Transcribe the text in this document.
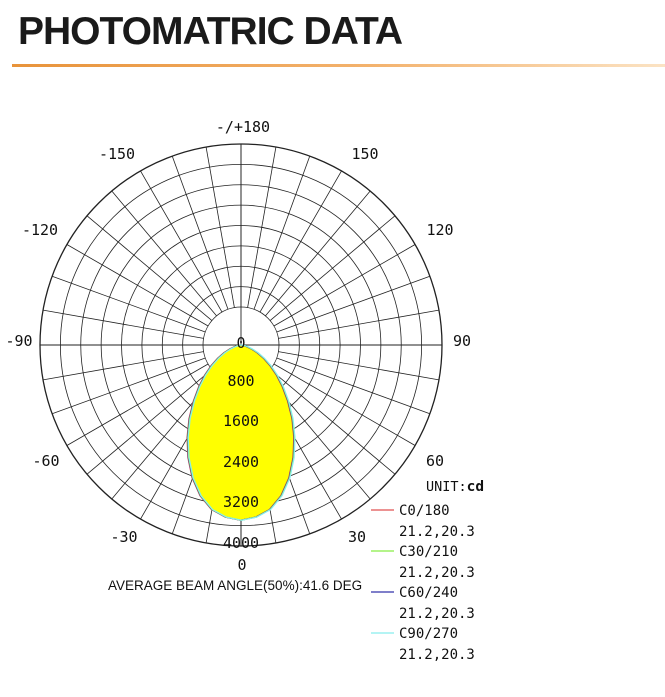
PHOTOMATRIC DATA
0
800
1600
2400
3200
4000
-/+180
-150	150
-120	120
-90	90
-60	60
-30	30
0
AVERAGE BEAM ANGLE(50%):41.6 DEG
UNIT:cd
C0/180
21.2,20.3
C30/210
21.2,20.3
C60/240
21.2,20.3
C90/270
21.2,20.3
